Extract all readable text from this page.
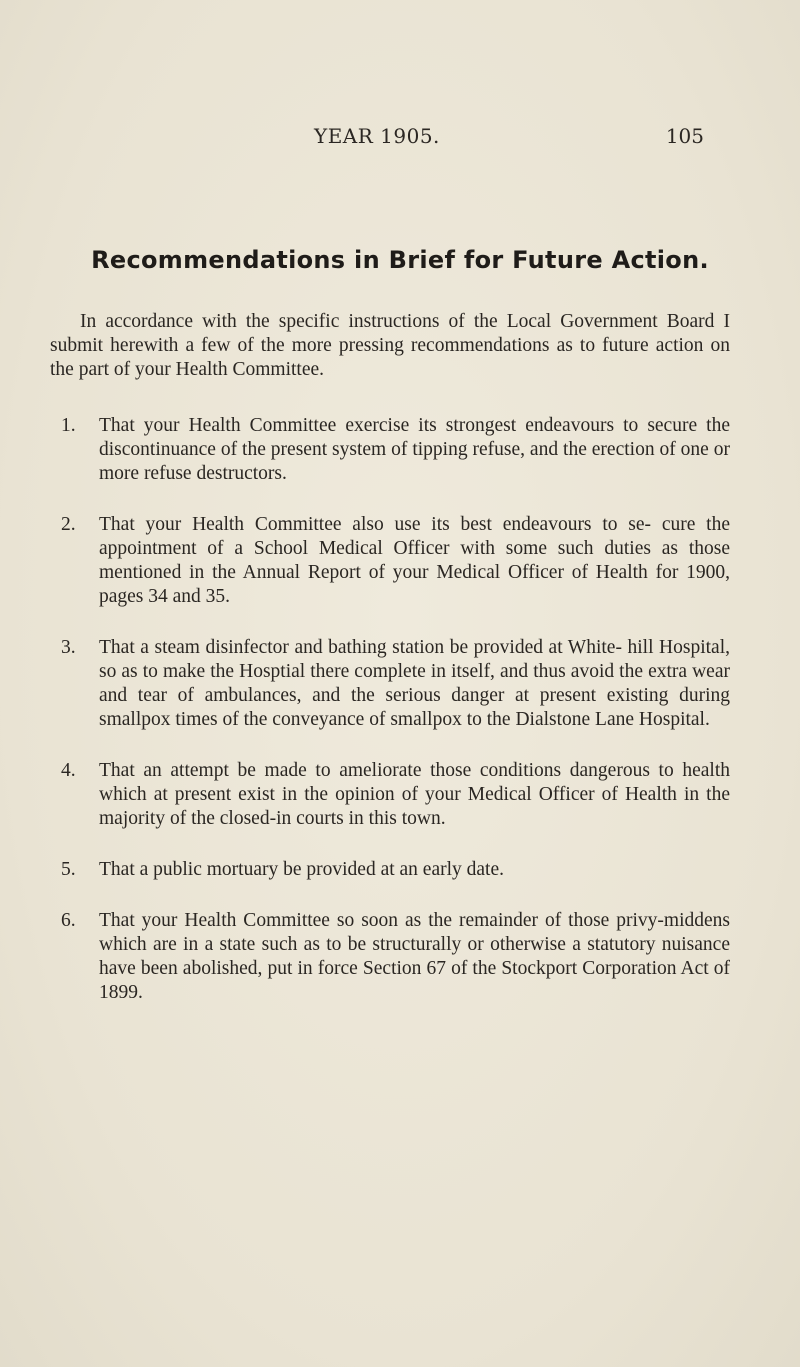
YEAR 1905.	105
Recommendations in Brief for Future Action.

In accordance with the specific instructions of the Local Government Board I submit herewith a few of the more pressing recommendations as to future action on the part of your Health Committee.

1. That your Health Committee exercise its strongest endeavours to secure the discontinuance of the present system of tipping refuse, and the erection of one or more refuse destructors.
2. That your Health Committee also use its best endeavours to se- cure the appointment of a School Medical Officer with some such duties as those mentioned in the Annual Report of your Medical Officer of Health for 1900, pages 34 and 35.
3. That a steam disinfector and bathing station be provided at White- hill Hospital, so as to make the Hosptial there complete in itself, and thus avoid the extra wear and tear of ambulances, and the serious danger at present existing during smallpox times of the conveyance of smallpox to the Dialstone Lane Hospital.
4. That an attempt be made to ameliorate those conditions dangerous to health which at present exist in the opinion of your Medical Officer of Health in the majority of the closed-in courts in this town.
5. That a public mortuary be provided at an early date.
6. That your Health Committee so soon as the remainder of those privy-middens which are in a state such as to be structurally or otherwise a statutory nuisance have been abolished, put in force Section 67 of the Stockport Corporation Act of 1899.
